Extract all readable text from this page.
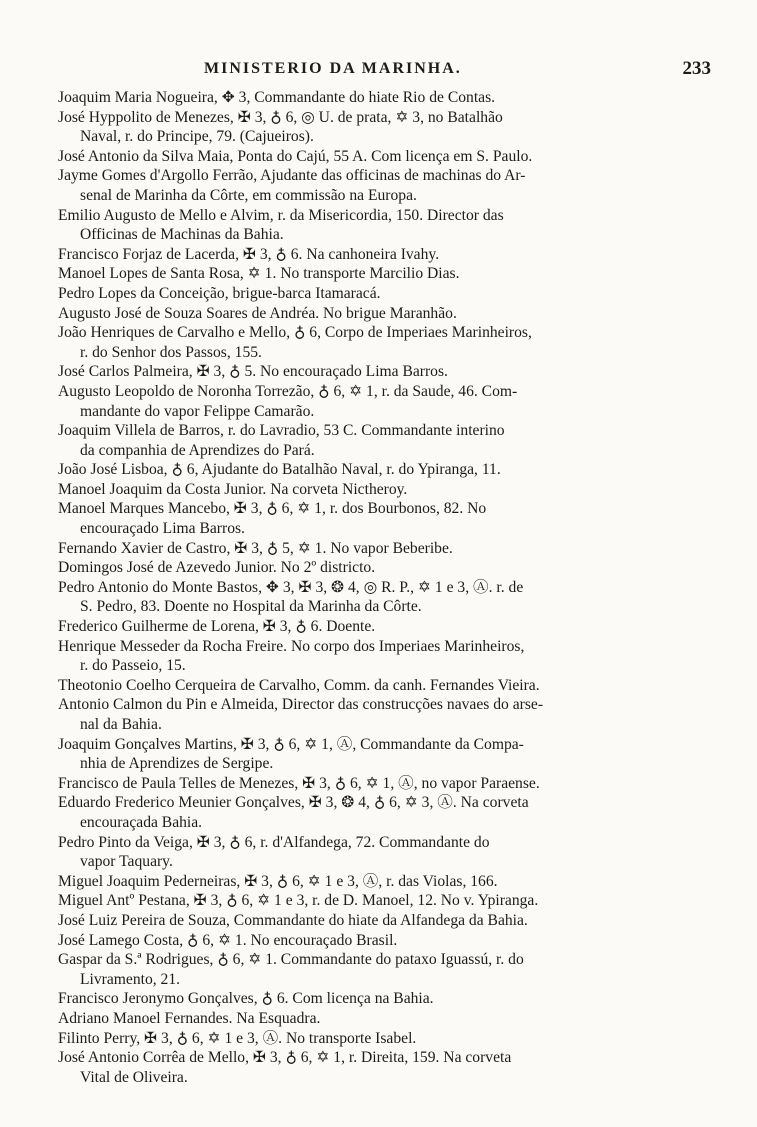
MINISTERIO DA MARINHA.	233
Joaquim Maria Nogueira, ✥ 3, Commandante do hiate Rio de Contas.
José Hyppolito de Menezes, ✠ 3, ♁ 6, ◎ U. de prata, ✡ 3, no Batalhão
Naval, r. do Principe, 79. (Cajueiros).
José Antonio da Silva Maia, Ponta do Cajú, 55 A. Com licença em S. Paulo.
Jayme Gomes d'Argollo Ferrão, Ajudante das officinas de machinas do Ar-
senal de Marinha da Côrte, em commissão na Europa.
Emilio Augusto de Mello e Alvim, r. da Misericordia, 150. Director das
Officinas de Machinas da Bahia.
Francisco Forjaz de Lacerda, ✠ 3, ♁ 6. Na canhoneira Ivahy.
Manoel Lopes de Santa Rosa, ✡ 1. No transporte Marcilio Dias.
Pedro Lopes da Conceição, brigue-barca Itamaracá.
Augusto José de Souza Soares de Andréa. No brigue Maranhão.
João Henriques de Carvalho e Mello, ♁ 6, Corpo de Imperiaes Marinheiros,
r. do Senhor dos Passos, 155.
José Carlos Palmeira, ✠ 3, ♁ 5. No encouraçado Lima Barros.
Augusto Leopoldo de Noronha Torrezão, ♁ 6, ✡ 1, r. da Saude, 46. Com-
mandante do vapor Felippe Camarão.
Joaquim Villela de Barros, r. do Lavradio, 53 C. Commandante interino
da companhia de Aprendizes do Pará.
João José Lisboa, ♁ 6, Ajudante do Batalhão Naval, r. do Ypiranga, 11.
Manoel Joaquim da Costa Junior. Na corveta Nictheroy.
Manoel Marques Mancebo, ✠ 3, ♁ 6, ✡ 1, r. dos Bourbonos, 82. No
encouraçado Lima Barros.
Fernando Xavier de Castro, ✠ 3, ♁ 5, ✡ 1. No vapor Beberibe.
Domingos José de Azevedo Junior. No 2º districto.
Pedro Antonio do Monte Bastos, ✥ 3, ✠ 3, ❂ 4, ◎ R. P., ✡ 1 e 3, Ⓐ. r. de
S. Pedro, 83. Doente no Hospital da Marinha da Côrte.
Frederico Guilherme de Lorena, ✠ 3, ♁ 6. Doente.
Henrique Messeder da Rocha Freire. No corpo dos Imperiaes Marinheiros,
r. do Passeio, 15.
Theotonio Coelho Cerqueira de Carvalho, Comm. da canh. Fernandes Vieira.
Antonio Calmon du Pin e Almeida, Director das construcções navaes do arse-
nal da Bahia.
Joaquim Gonçalves Martins, ✠ 3, ♁ 6, ✡ 1, Ⓐ, Commandante da Compa-
nhia de Aprendizes de Sergipe.
Francisco de Paula Telles de Menezes, ✠ 3, ♁ 6, ✡ 1, Ⓐ, no vapor Paraense.
Eduardo Frederico Meunier Gonçalves, ✠ 3, ❂ 4, ♁ 6, ✡ 3, Ⓐ. Na corveta
encouraçada Bahia.
Pedro Pinto da Veiga, ✠ 3, ♁ 6, r. d'Alfandega, 72. Commandante do
vapor Taquary.
Miguel Joaquim Pederneiras, ✠ 3, ♁ 6, ✡ 1 e 3, Ⓐ, r. das Violas, 166.
Miguel Antº Pestana, ✠ 3, ♁ 6, ✡ 1 e 3, r. de D. Manoel, 12. No v. Ypiranga.
José Luiz Pereira de Souza, Commandante do hiate da Alfandega da Bahia.
José Lamego Costa, ♁ 6, ✡ 1. No encouraçado Brasil.
Gaspar da S.ª Rodrigues, ♁ 6, ✡ 1. Commandante do pataxo Iguassú, r. do
Livramento, 21.
Francisco Jeronymo Gonçalves, ♁ 6. Com licença na Bahia.
Adriano Manoel Fernandes. Na Esquadra.
Filinto Perry, ✠ 3, ♁ 6, ✡ 1 e 3, Ⓐ. No transporte Isabel.
José Antonio Corrêa de Mello, ✠ 3, ♁ 6, ✡ 1, r. Direita, 159. Na corveta
Vital de Oliveira.
